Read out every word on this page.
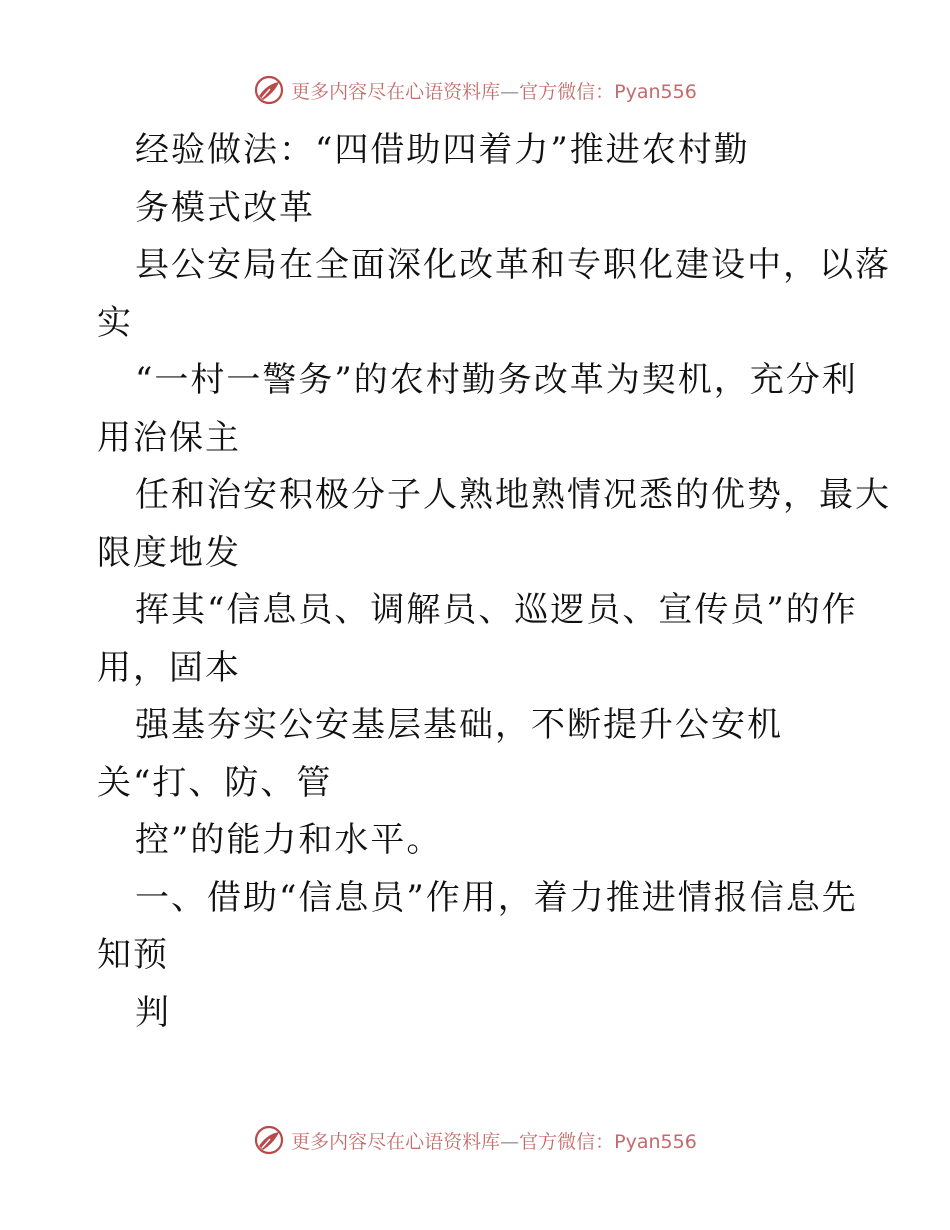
更多内容尽在心语资料库—官方微信：Pyan556
经验做法：“四借助四着力”推进农村勤
务模式改革
县公安局在全面深化改革和专职化建设中，以落
实
“一村一警务”的农村勤务改革为契机，充分利
用治保主
任和治安积极分子人熟地熟情况悉的优势，最大
限度地发
挥其“信息员、调解员、巡逻员、宣传员”的作
用，固本
强基夯实公安基层基础，不断提升公安机
关“打、防、管
控”的能力和水平。
一、借助“信息员”作用，着力推进情报信息先
知预
判
更多内容尽在心语资料库—官方微信：Pyan556
